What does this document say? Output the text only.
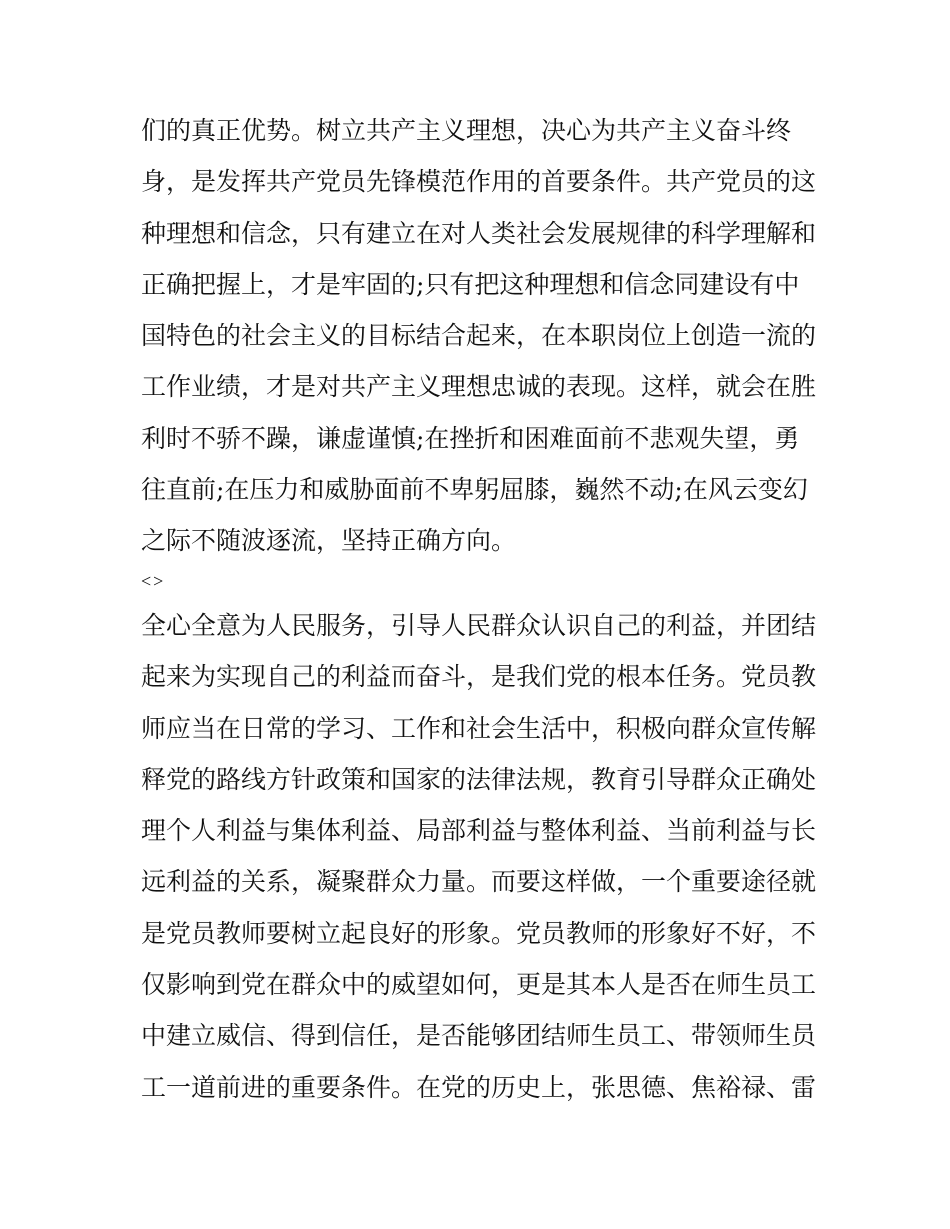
们的真正优势。树立共产主义理想，决心为共产主义奋斗终
身，是发挥共产党员先锋模范作用的首要条件。共产党员的这
种理想和信念，只有建立在对人类社会发展规律的科学理解和
正确把握上，才是牢固的;只有把这种理想和信念同建设有中
国特色的社会主义的目标结合起来，在本职岗位上创造一流的
工作业绩，才是对共产主义理想忠诚的表现。这样，就会在胜
利时不骄不躁，谦虚谨慎;在挫折和困难面前不悲观失望，勇
往直前;在压力和威胁面前不卑躬屈膝，巍然不动;在风云变幻
之际不随波逐流，坚持正确方向。
<>
全心全意为人民服务，引导人民群众认识自己的利益，并团结
起来为实现自己的利益而奋斗，是我们党的根本任务。党员教
师应当在日常的学习、工作和社会生活中，积极向群众宣传解
释党的路线方针政策和国家的法律法规，教育引导群众正确处
理个人利益与集体利益、局部利益与整体利益、当前利益与长
远利益的关系，凝聚群众力量。而要这样做，一个重要途径就
是党员教师要树立起良好的形象。党员教师的形象好不好，不
仅影响到党在群众中的威望如何，更是其本人是否在师生员工
中建立威信、得到信任，是否能够团结师生员工、带领师生员
工一道前进的重要条件。在党的历史上，张思德、焦裕禄、雷
